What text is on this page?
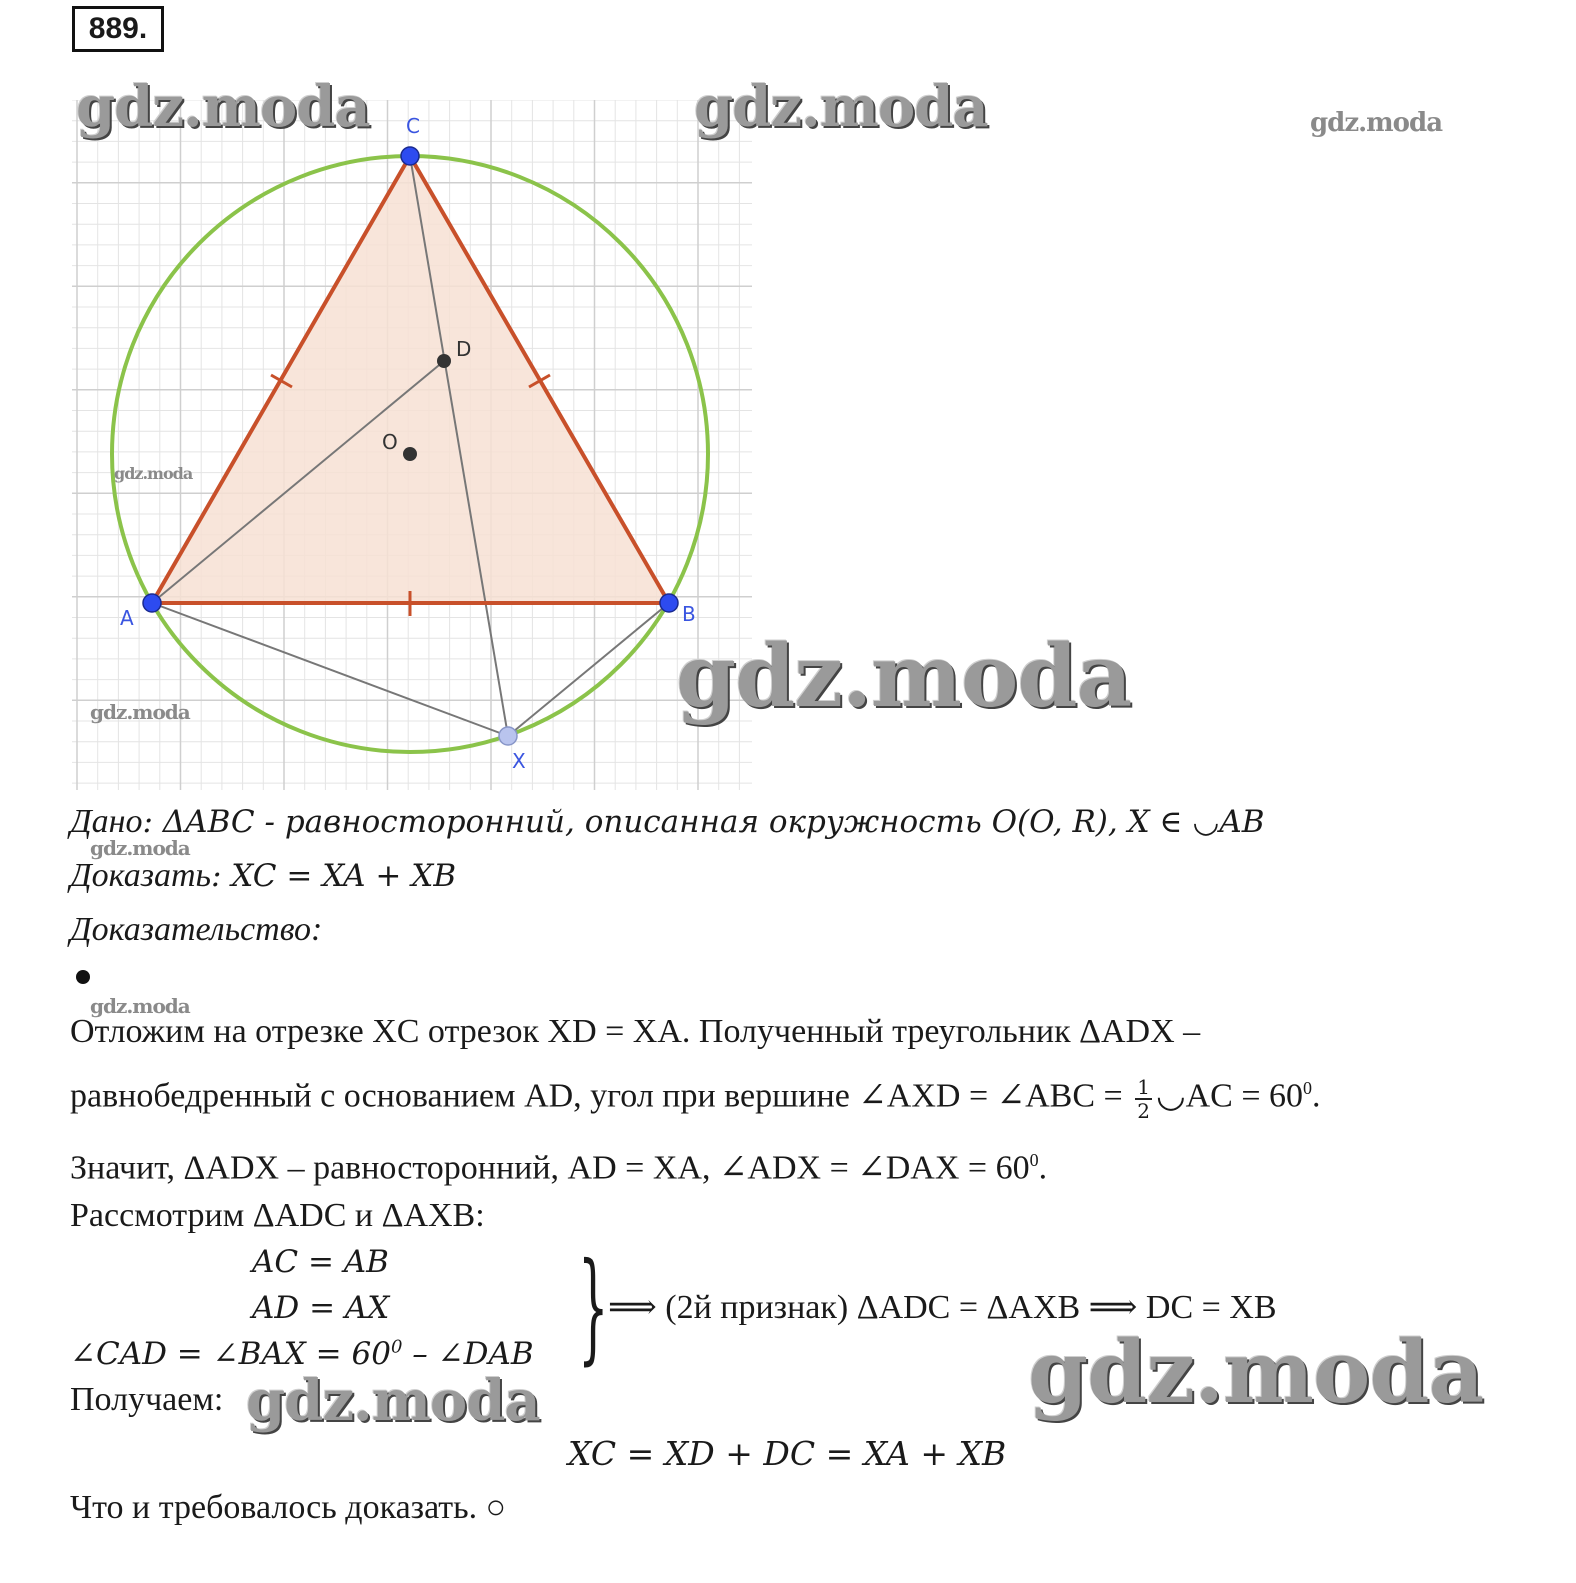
889.
C
A	B
X
D
O
gdz.moda	gdz.moda	gdz.moda
gdz.moda
gdz.moda
gdz.moda
gdz.moda
gdz.moda
gdz.moda
gdz.moda
Дано: ΔABC - равносторонний, описанная окружность O(O, R), X ∈ ◡AB
Доказать: XC = XA + XB
Доказательство:
Отложим на отрезке XC отрезок XD = XA. Полученный треугольник ΔADX –
равнобедренный с основанием AD, угол при вершине ∠AXD = ∠ABC = $\frac{1}{2}$ ◡AC = $60^0$.
Значит, ΔADX – равносторонний, AD = XA, ∠ADX = ∠DAX = $60^0$.
Рассмотрим ΔADC и ΔAXB:
AC = AB
AD = AX
∠CAD = ∠BAX = $60^0$ – ∠DAB } ⟹ (2й признак) ΔADC = ΔAXB ⟹ DC = XB
Получаем:
XC = XD + DC = XA + XB
Что и требовалось доказать. ○
